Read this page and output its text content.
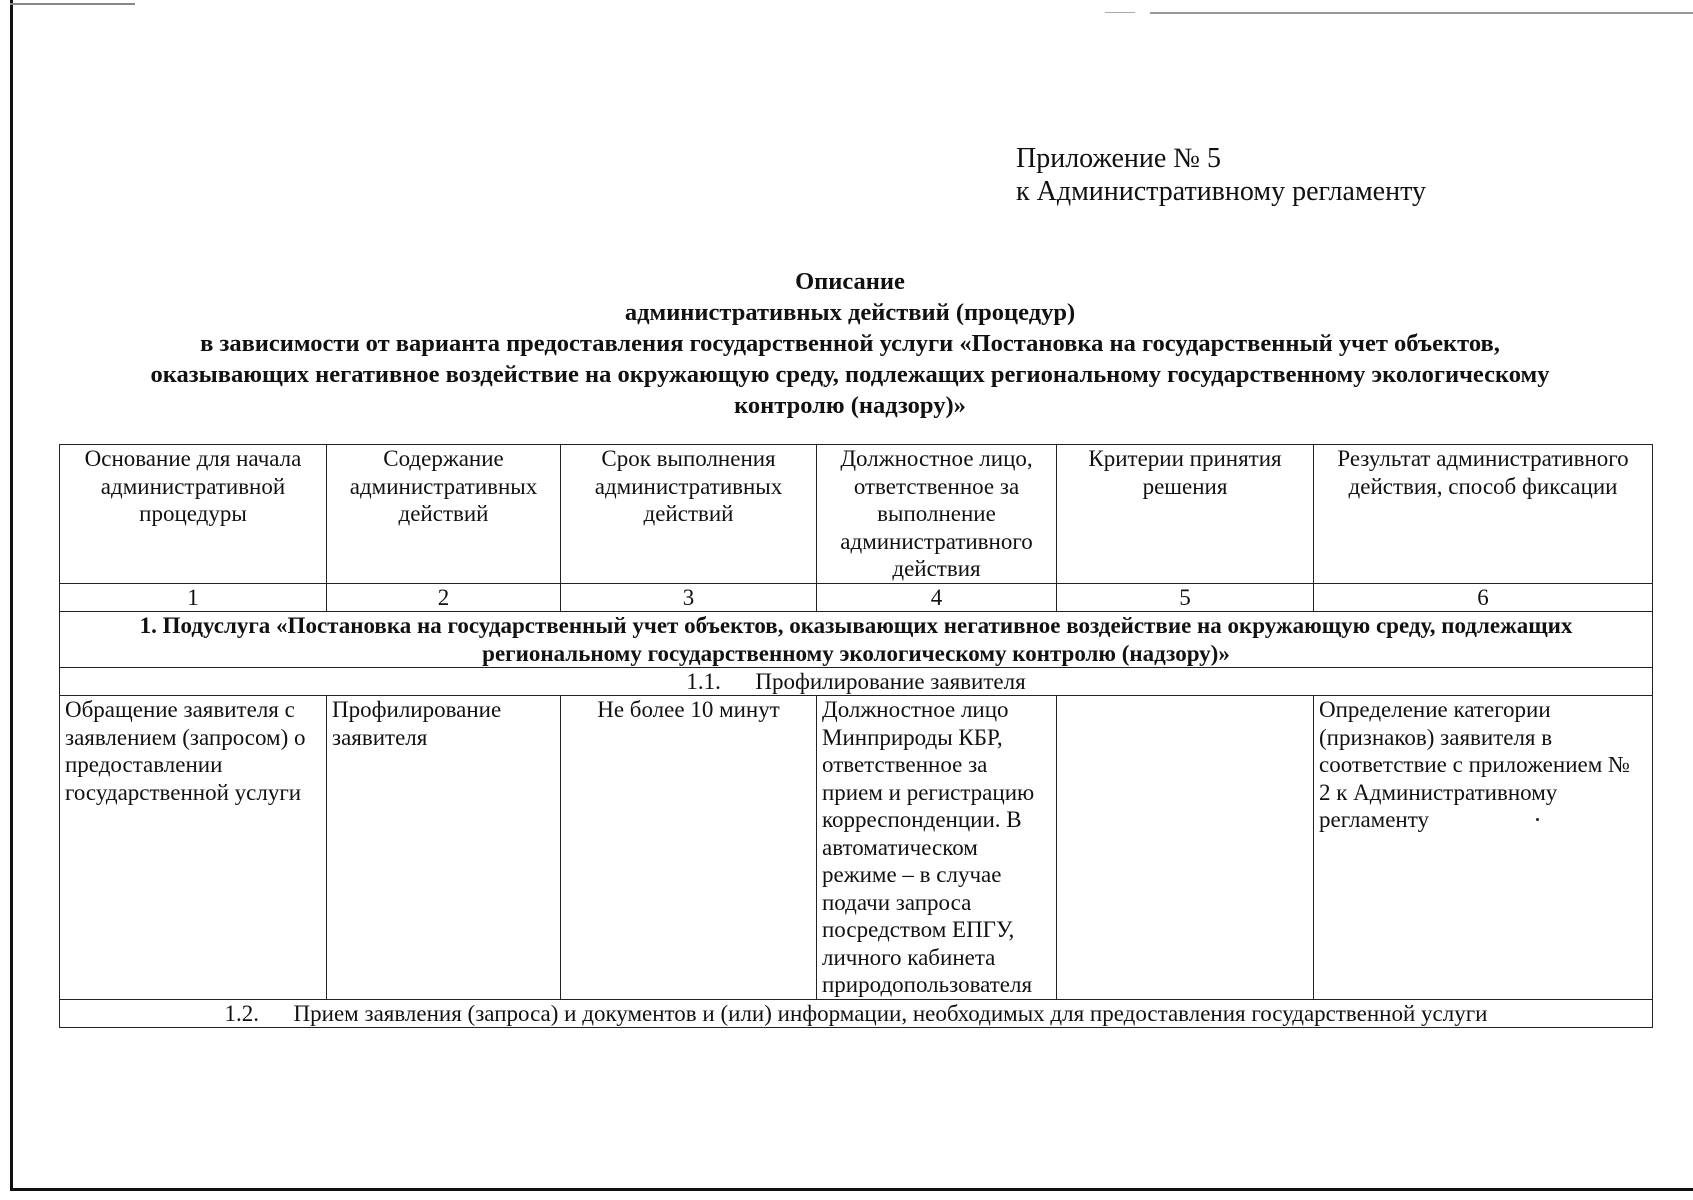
Приложение № 5
к Административному регламенту
Описание
административных действий (процедур)
в зависимости от варианта предоставления государственной услуги «Постановка на государственный учет объектов,
оказывающих негативное воздействие на окружающую среду, подлежащих региональному государственному экологическому
контролю (надзору)»
Основание для начала административной процедуры	Содержание административных действий	Срок выполнения административных действий	Должностное лицо, ответственное за выполнение административного действия	Критерии принятия решения	Результат административного действия, способ фиксации
1	2	3	4	5	6
1. Подуслуга «Постановка на государственный учет объектов, оказывающих негативное воздействие на окружающую среду, подлежащих региональному государственному экологическому контролю (надзору)»					
1.1.      Профилирование заявителя					
Обращение заявителя с заявлением (запросом) о предоставлении государственной услуги	Профилирование заявителя	Не более 10 минут	Должностное лицо Минприроды КБР, ответственное за прием и регистрацию корреспонденции. В автоматическом режиме – в случае подачи запроса посредством ЕПГУ, личного кабинета природопользователя		Определение категории (признаков) заявителя в соответствие с приложением № 2 к Административному регламенту
1.2.      Прием заявления (запроса) и документов и (или) информации, необходимых для предоставления государственной услуги					
